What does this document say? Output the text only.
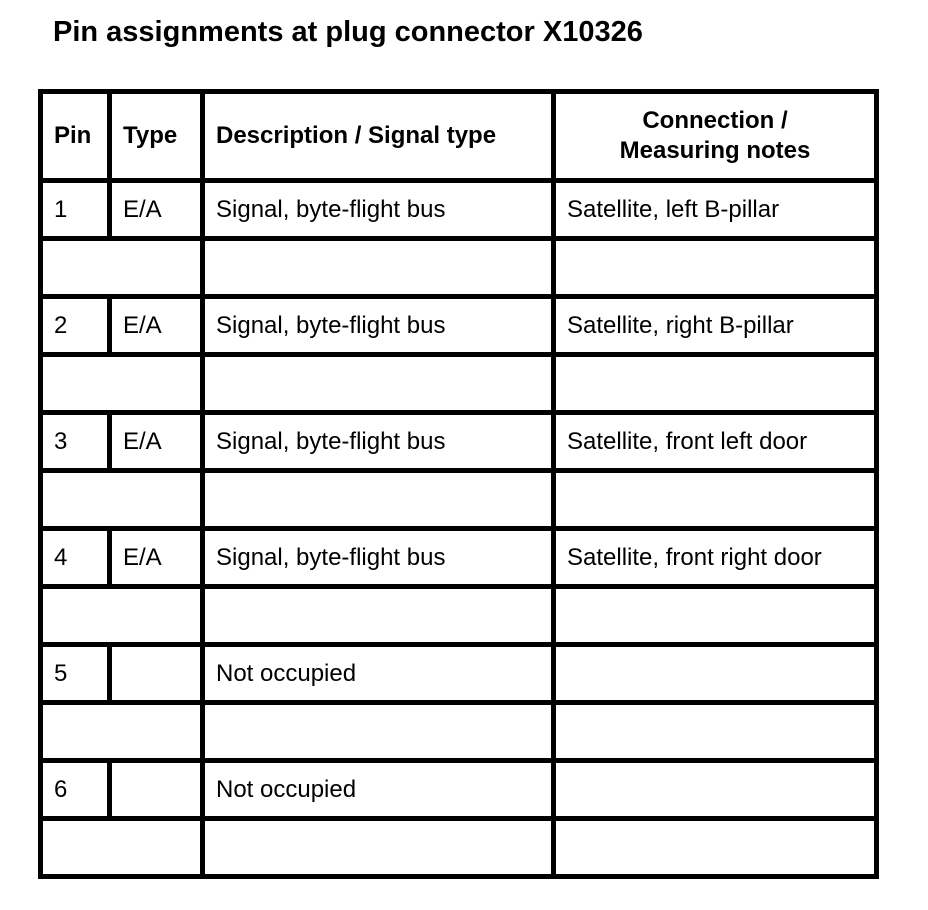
Pin assignments at plug connector X10326
Pin	Type	Description / Signal type	Connection /
Measuring notes

1	E/A	Signal, byte-flight bus	Satellite, left B-pillar

2	E/A	Signal, byte-flight bus	Satellite, right B-pillar

3	E/A	Signal, byte-flight bus	Satellite, front left door

4	E/A	Signal, byte-flight bus	Satellite, front right door

5		Not occupied	

6		Not occupied	
